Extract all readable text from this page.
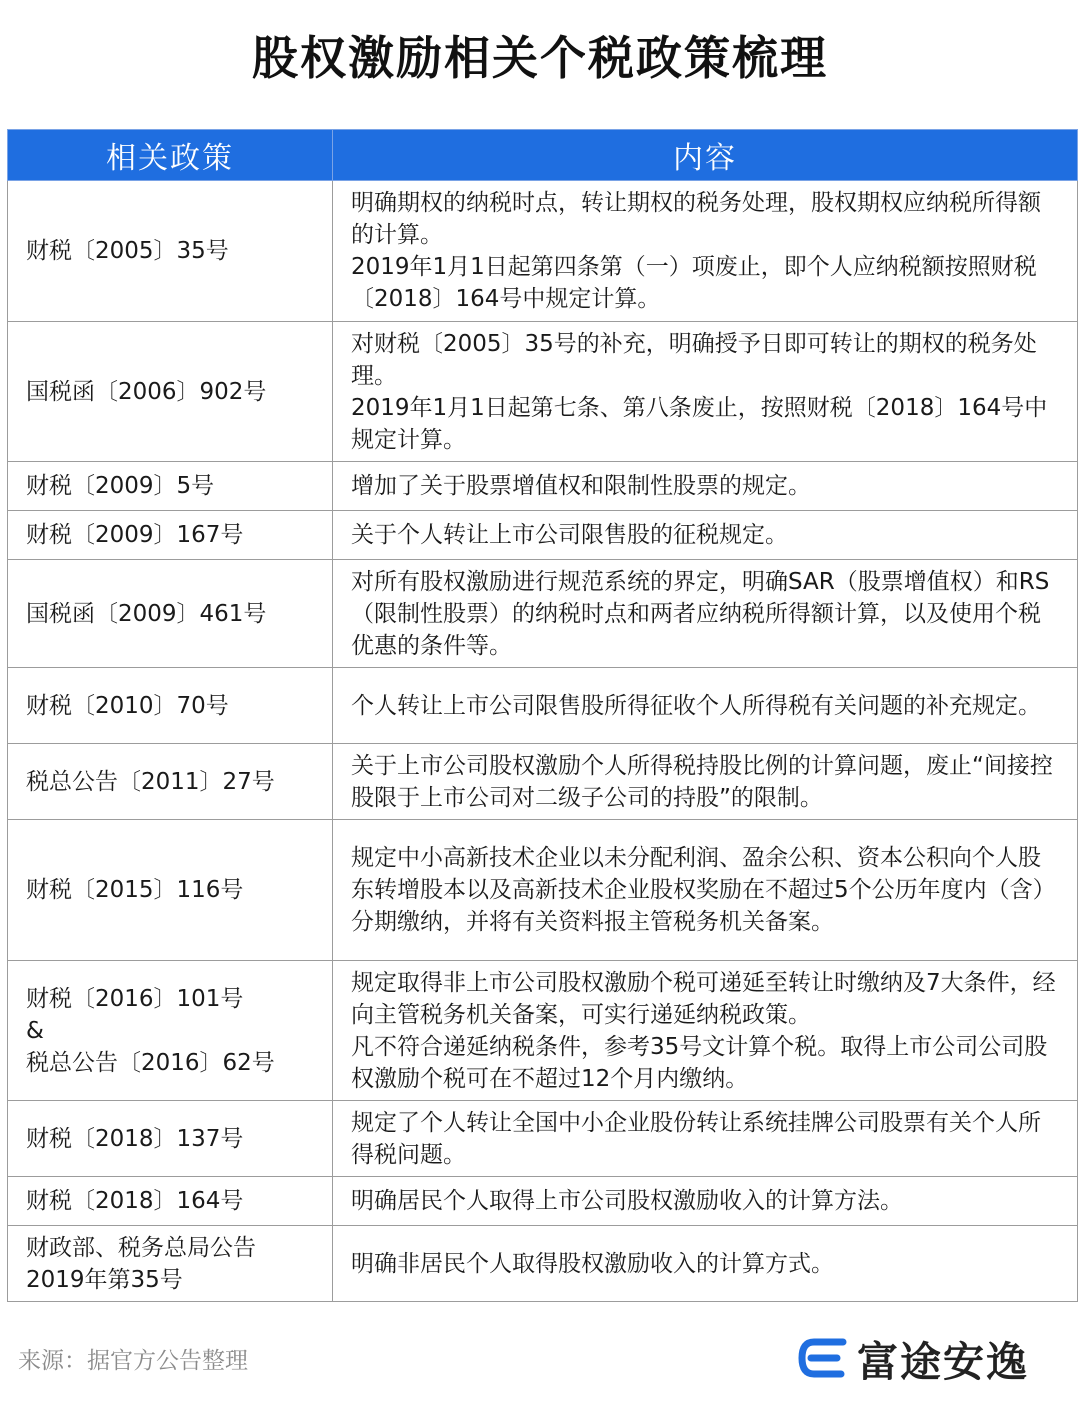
股权激励相关个税政策梳理
相关政策	内容

财税〔2005〕35号	明确期权的纳税时点，转让期权的税务处理，股权期权应纳税所得额的计算。
2019年1月1日起第四条第（一）项废止，即个人应纳税额按照财税〔2018〕164号中规定计算。

国税函〔2006〕902号	对财税〔2005〕35号的补充，明确授予日即可转让的期权的税务处理。
2019年1月1日起第七条、第八条废止，按照财税〔2018〕164号中规定计算。

财税〔2009〕5号	增加了关于股票增值权和限制性股票的规定。

财税〔2009〕167号	关于个人转让上市公司限售股的征税规定。

国税函〔2009〕461号	对所有股权激励进行规范系统的界定，明确SAR（股票增值权）和RS（限制性股票）的纳税时点和两者应纳税所得额计算，以及使用个税优惠的条件等。

财税〔2010〕70号	个人转让上市公司限售股所得征收个人所得税有关问题的补充规定。

税总公告〔2011〕27号	关于上市公司股权激励个人所得税持股比例的计算问题，废止“间接控股限于上市公司对二级子公司的持股”的限制。

财税〔2015〕116号	规定中小高新技术企业以未分配利润、盈余公积、资本公积向个人股东转增股本以及高新技术企业股权奖励在不超过5个公历年度内（含）分期缴纳，并将有关资料报主管税务机关备案。

财税〔2016〕101号
&
税总公告〔2016〕62号	规定取得非上市公司股权激励个税可递延至转让时缴纳及7大条件，经向主管税务机关备案，可实行递延纳税政策。
凡不符合递延纳税条件，参考35号文计算个税。取得上市公司公司股权激励个税可在不超过12个月内缴纳。

财税〔2018〕137号	规定了个人转让全国中小企业股份转让系统挂牌公司股票有关个人所得税问题。

财税〔2018〕164号	明确居民个人取得上市公司股权激励收入的计算方法。

财政部、税务总局公告
2019年第35号	明确非居民个人取得股权激励收入的计算方式。
来源：据官方公告整理	富途安逸
